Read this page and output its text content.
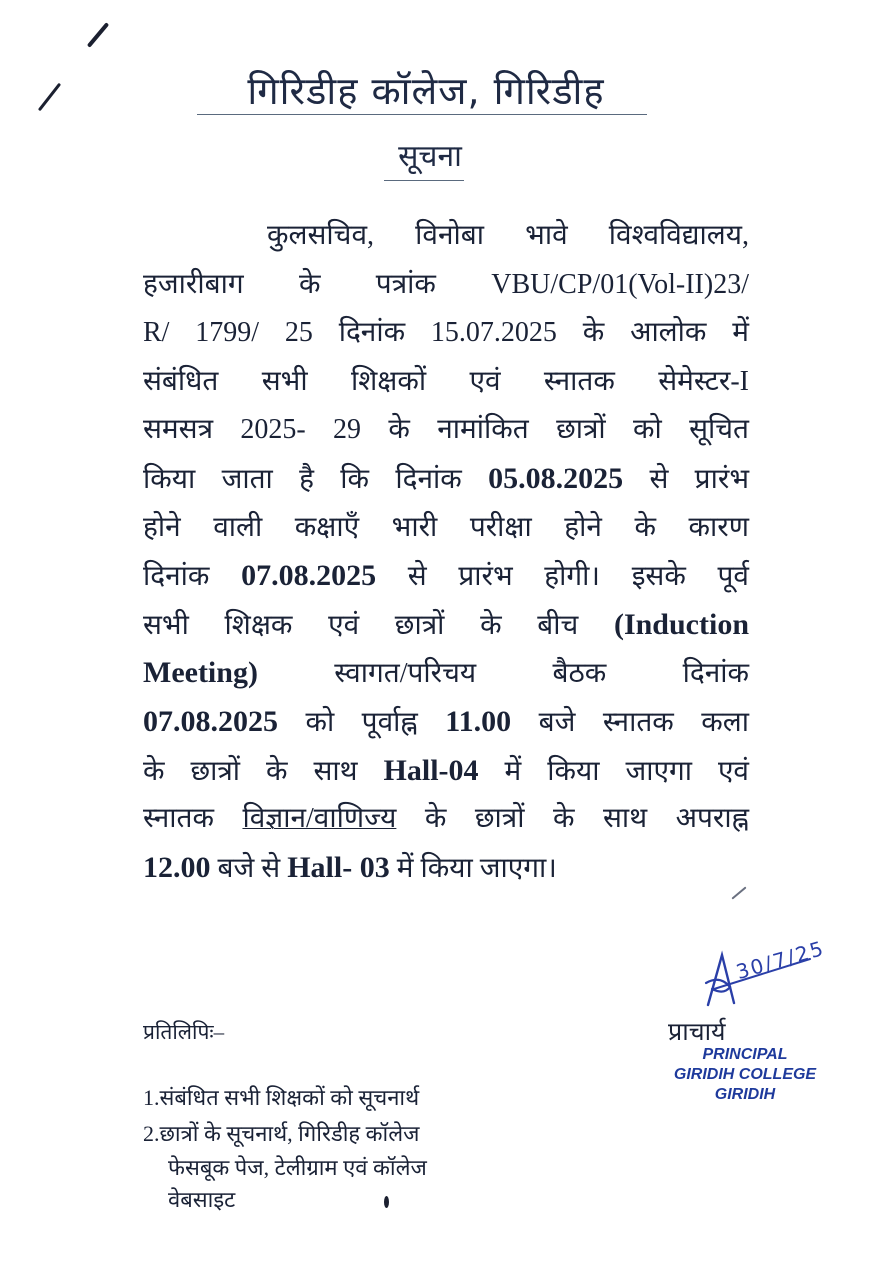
गिरिडीह कॉलेज, गिरिडीह
सूचना
कुलसचिव, विनोबा भावे विश्वविद्यालय,
हजारीबाग के पत्रांक VBU/CP/01(Vol-II)23/
R/ 1799/ 25 दिनांक 15.07.2025 के आलोक में
संबंधित सभी शिक्षकों एवं स्नातक सेमेस्टर-I
समसत्र 2025- 29 के नामांकित छात्रों को सूचित
किया जाता है कि दिनांक 05.08.2025 से प्रारंभ
होने वाली कक्षाएँ भारी परीक्षा होने के कारण
दिनांक 07.08.2025 से प्रारंभ होगी। इसके पूर्व
सभी शिक्षक एवं छात्रों के बीच (Induction
Meeting) स्वागत/परिचय बैठक दिनांक
07.08.2025 को पूर्वाह्न 11.00 बजे स्नातक कला
के छात्रों के साथ Hall-04 में किया जाएगा एवं
स्नातक विज्ञान/वाणिज्य के छात्रों के साथ अपराह्न
12.00 बजे से Hall- 03 में किया जाएगा।
30/7/25
प्राचार्य
PRINCIPAL
GIRIDIH COLLEGE
GIRIDIH
प्रतिलिपिः–
1.संबंधित सभी शिक्षकों को सूचनार्थ
2.छात्रों के सूचनार्थ, गिरिडीह कॉलेज
फेसबूक पेज, टेलीग्राम एवं कॉलेज
वेबसाइट
